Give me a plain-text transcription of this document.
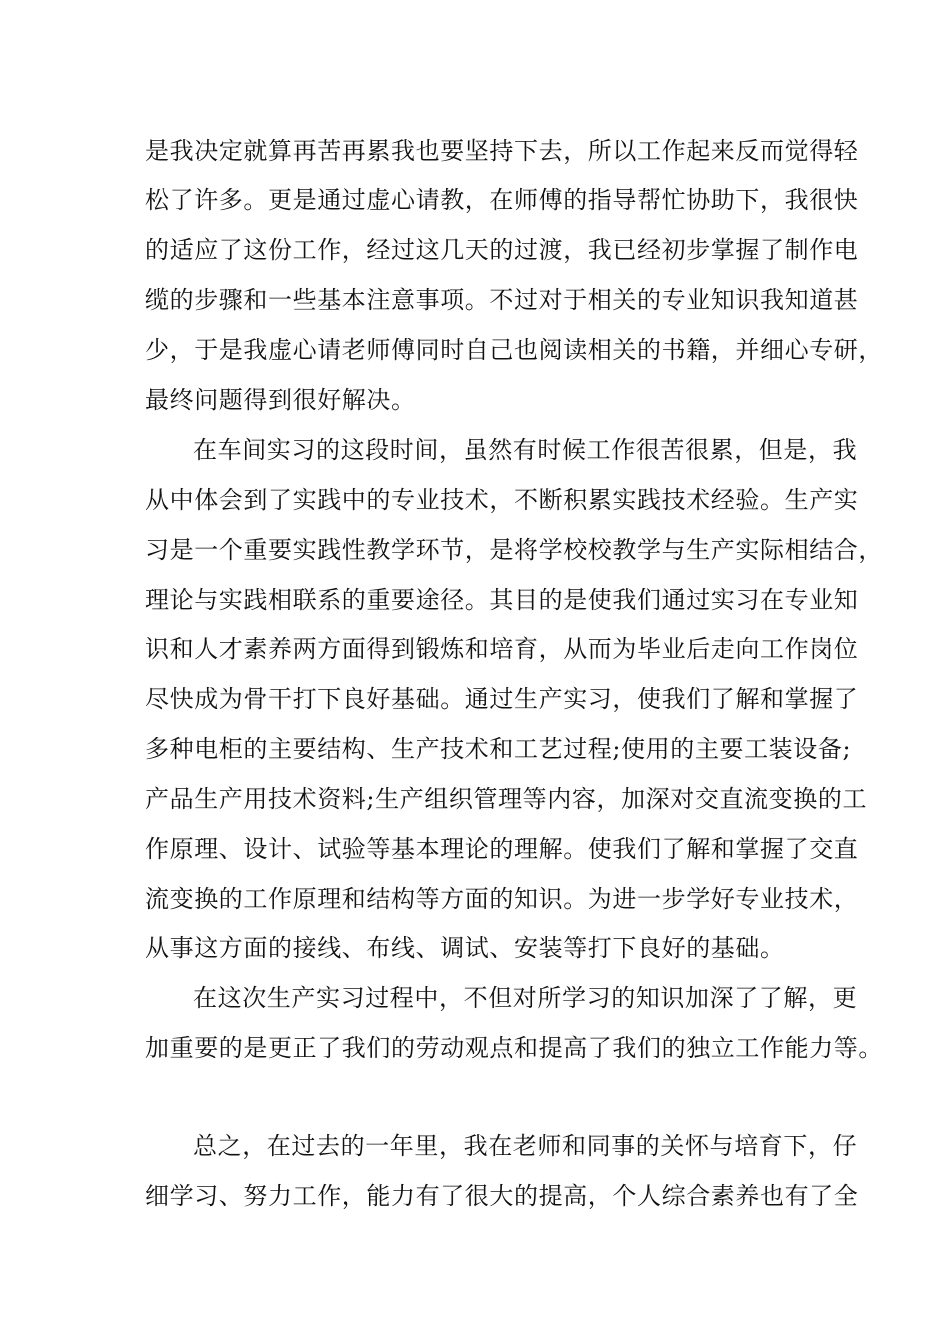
是我决定就算再苦再累我也要坚持下去，所以工作起来反而觉得轻
松了许多。更是通过虚心请教，在师傅的指导帮忙协助下，我很快
的适应了这份工作，经过这几天的过渡，我已经初步掌握了制作电
缆的步骤和一些基本注意事项。不过对于相关的专业知识我知道甚
少，于是我虚心请老师傅同时自己也阅读相关的书籍，并细心专研，
最终问题得到很好解决。
在车间实习的这段时间，虽然有时候工作很苦很累，但是，我
从中体会到了实践中的专业技术，不断积累实践技术经验。生产实
习是一个重要实践性教学环节，是将学校校教学与生产实际相结合，
理论与实践相联系的重要途径。其目的是使我们通过实习在专业知
识和人才素养两方面得到锻炼和培育，从而为毕业后走向工作岗位
尽快成为骨干打下良好基础。通过生产实习，使我们了解和掌握了
多种电柜的主要结构、生产技术和工艺过程;使用的主要工装设备;
产品生产用技术资料;生产组织管理等内容，加深对交直流变换的工
作原理、设计、试验等基本理论的理解。使我们了解和掌握了交直
流变换的工作原理和结构等方面的知识。为进一步学好专业技术，
从事这方面的接线、布线、调试、安装等打下良好的基础。
在这次生产实习过程中，不但对所学习的知识加深了了解，更
加重要的是更正了我们的劳动观点和提高了我们的独立工作能力等。
总之，在过去的一年里，我在老师和同事的关怀与培育下，仔
细学习、努力工作，能力有了很大的提高，个人综合素养也有了全
